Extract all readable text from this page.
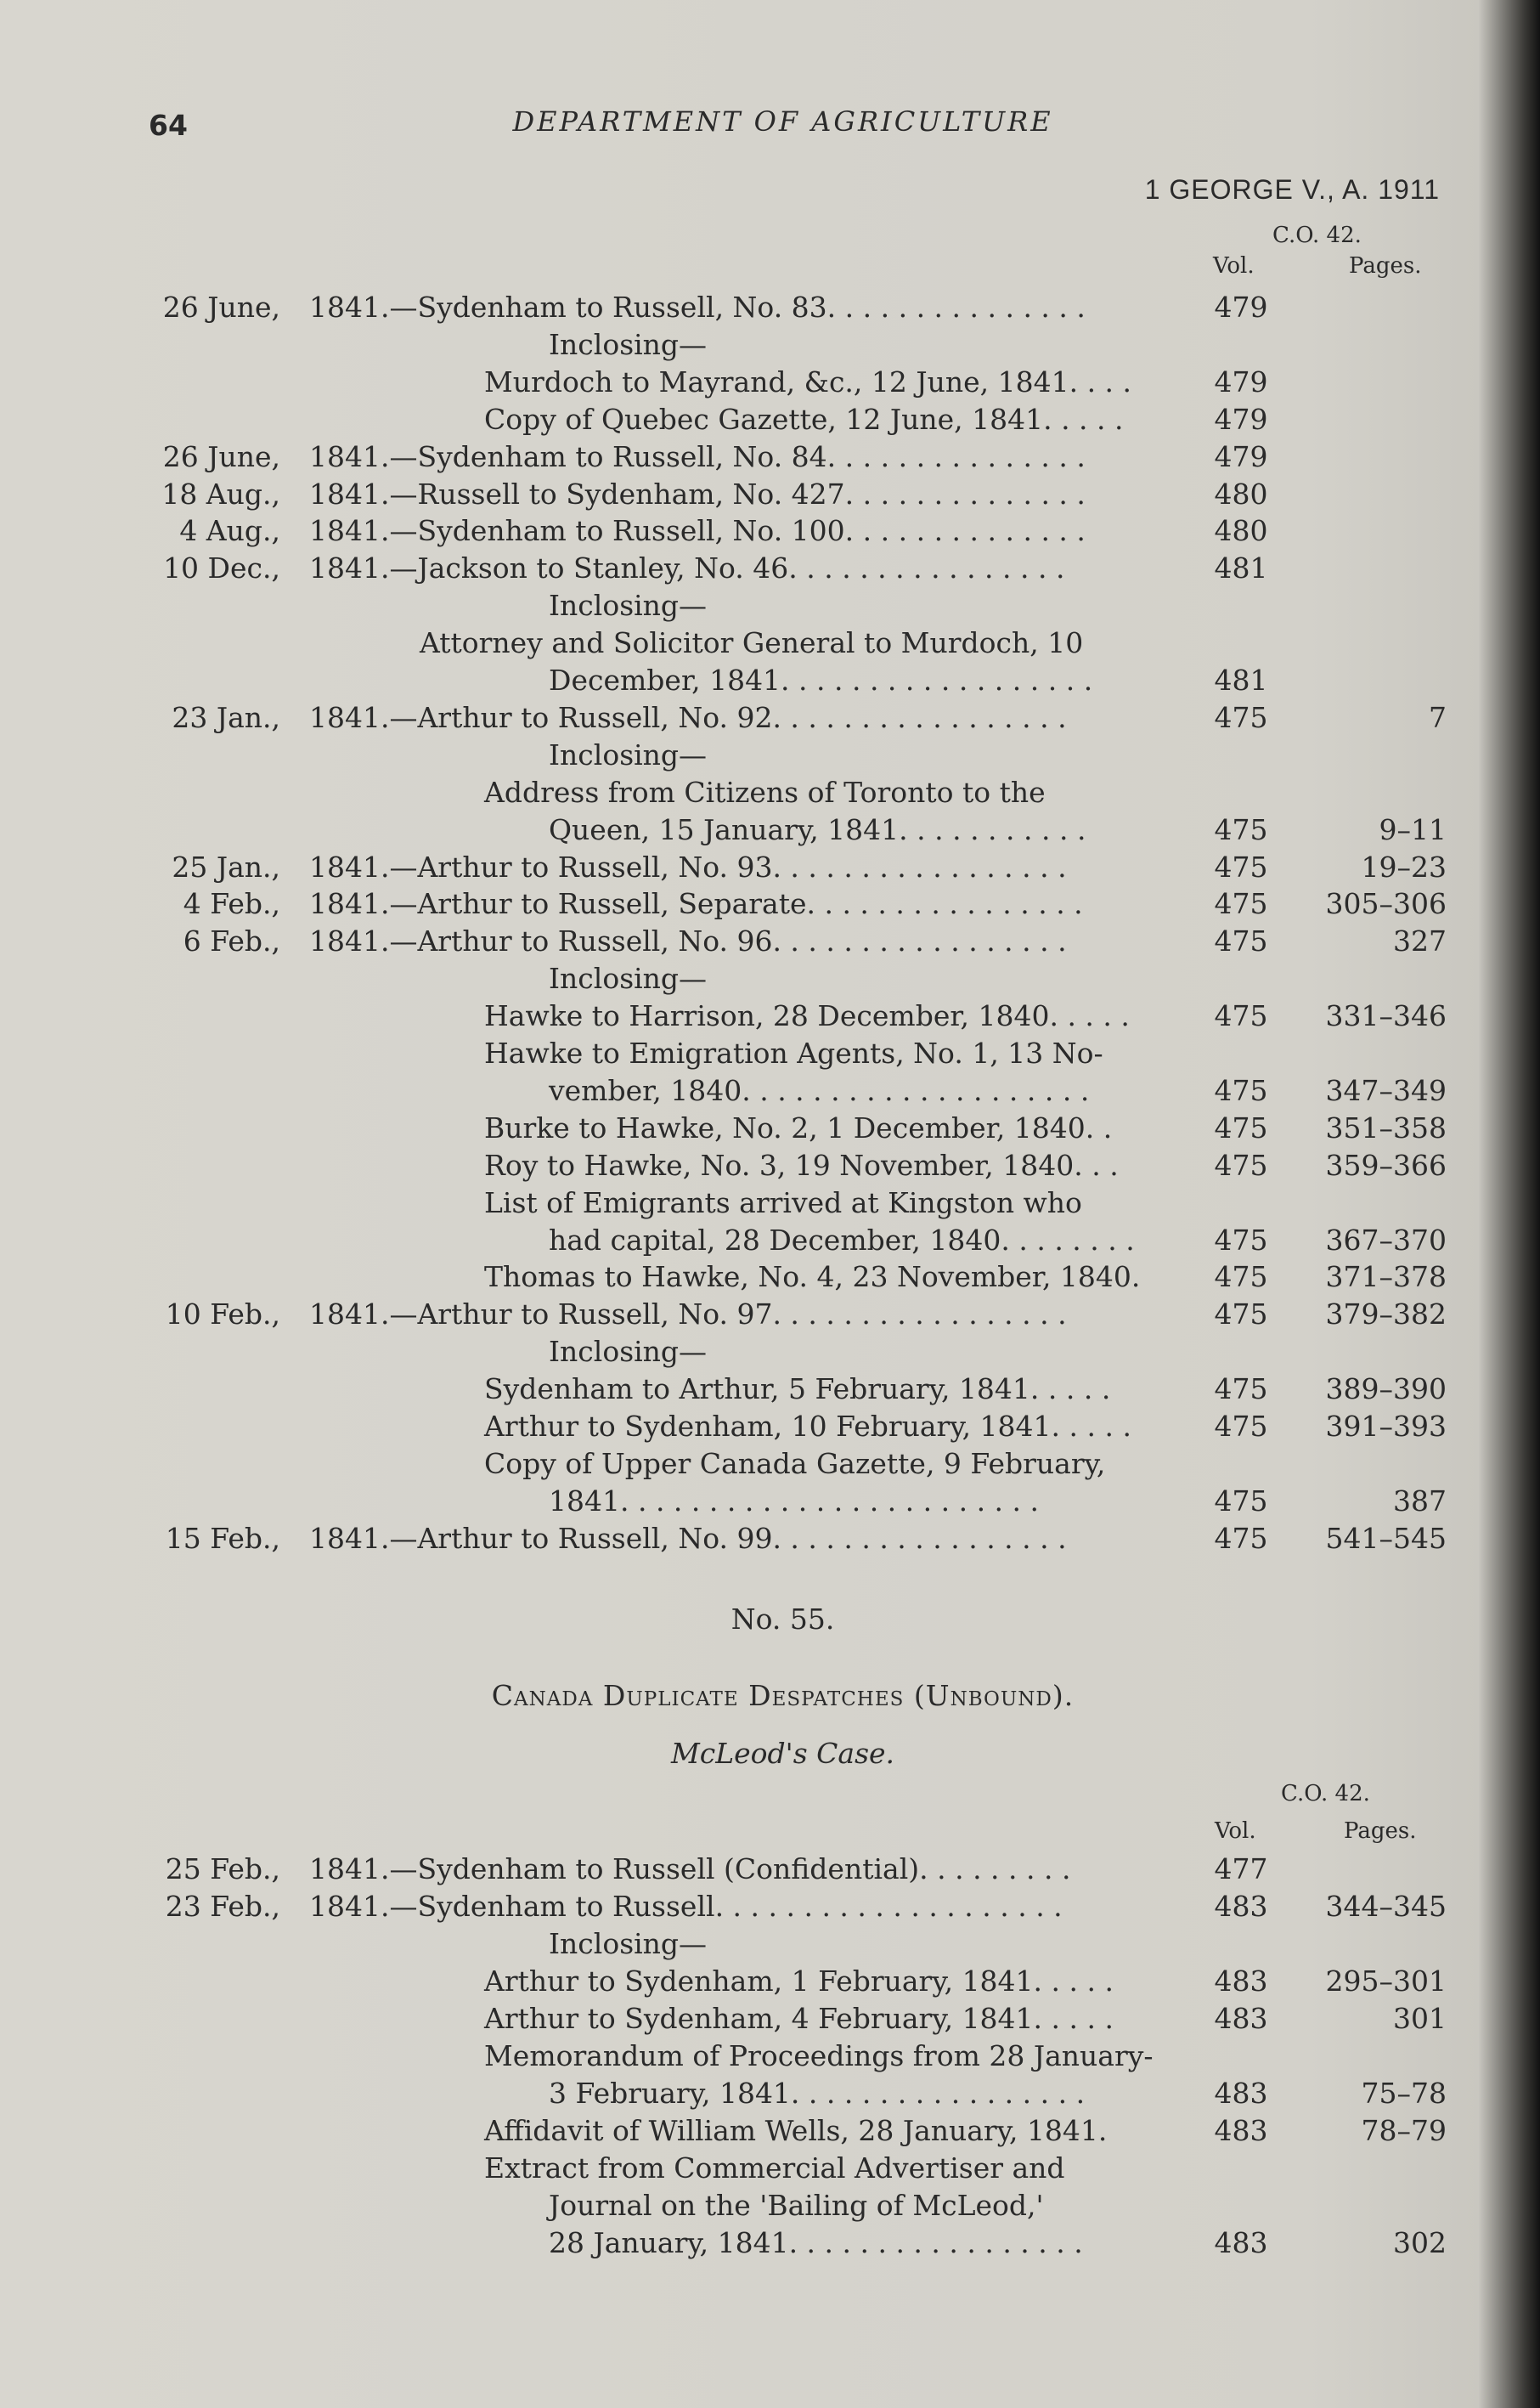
64	DEPARTMENT OF AGRICULTURE
1 GEORGE V., A. 1911
C.O. 42.
Vol.	Pages.
26 June, 1841.—Sydenham to Russell, No. 83. . . . . . . . . . . . . . .	479
Inclosing—
Murdoch to Mayrand, &c., 12 June, 1841. . . .	479
Copy of Quebec Gazette, 12 June, 1841. . . . .	479
26 June, 1841.—Sydenham to Russell, No. 84. . . . . . . . . . . . . . .	479
18 Aug., 1841.—Russell to Sydenham, No. 427. . . . . . . . . . . . . .	480
4 Aug., 1841.—Sydenham to Russell, No. 100. . . . . . . . . . . . . .	480
10 Dec., 1841.—Jackson to Stanley, No. 46. . . . . . . . . . . . . . . .	481
Inclosing—
Attorney and Solicitor General to Murdoch, 10
December, 1841. . . . . . . . . . . . . . . . . .	481
23 Jan., 1841.—Arthur to Russell, No. 92. . . . . . . . . . . . . . . . .	475	7
Inclosing—
Address from Citizens of Toronto to the
Queen, 15 January, 1841. . . . . . . . . . .	475	9–11
25 Jan., 1841.—Arthur to Russell, No. 93. . . . . . . . . . . . . . . . .	475	19–23
4 Feb., 1841.—Arthur to Russell, Separate. . . . . . . . . . . . . . . .	475 305–306
6 Feb., 1841.—Arthur to Russell, No. 96. . . . . . . . . . . . . . . . .	475	327
Inclosing—
Hawke to Harrison, 28 December, 1840. . . . .	475 331–346
Hawke to Emigration Agents, No. 1, 13 No-
vember, 1840. . . . . . . . . . . . . . . . . . . .	475 347–349
Burke to Hawke, No. 2, 1 December, 1840. .	475 351–358
Roy to Hawke, No. 3, 19 November, 1840. . .	475 359–366
List of Emigrants arrived at Kingston who
had capital, 28 December, 1840. . . . . . . .	475 367–370
Thomas to Hawke, No. 4, 23 November, 1840.	475 371–378
10 Feb., 1841.—Arthur to Russell, No. 97. . . . . . . . . . . . . . . . .	475 379–382
Inclosing—
Sydenham to Arthur, 5 February, 1841. . . . .	475 389–390
Arthur to Sydenham, 10 February, 1841. . . . .	475 391–393
Copy of Upper Canada Gazette, 9 February,
1841. . . . . . . . . . . . . . . . . . . . . . . .	475	387
15 Feb., 1841.—Arthur to Russell, No. 99. . . . . . . . . . . . . . . . .	475 541–545
No. 55.
Canada Duplicate Despatches (Unbound).
McLeod's Case.
C.O. 42.
Vol.	Pages.
25 Feb., 1841.—Sydenham to Russell (Confidential). . . . . . . . .	477
23 Feb., 1841.—Sydenham to Russell. . . . . . . . . . . . . . . . . . . .	483 344–345
Inclosing—
Arthur to Sydenham, 1 February, 1841. . . . .	483 295–301
Arthur to Sydenham, 4 February, 1841. . . . .	483	301
Memorandum of Proceedings from 28 January-
3 February, 1841. . . . . . . . . . . . . . . . .	483	75–78
Affidavit of William Wells, 28 January, 1841.	483	78–79
Extract from Commercial Advertiser and
Journal on the 'Bailing of McLeod,'
28 January, 1841. . . . . . . . . . . . . . . . .	483	302
